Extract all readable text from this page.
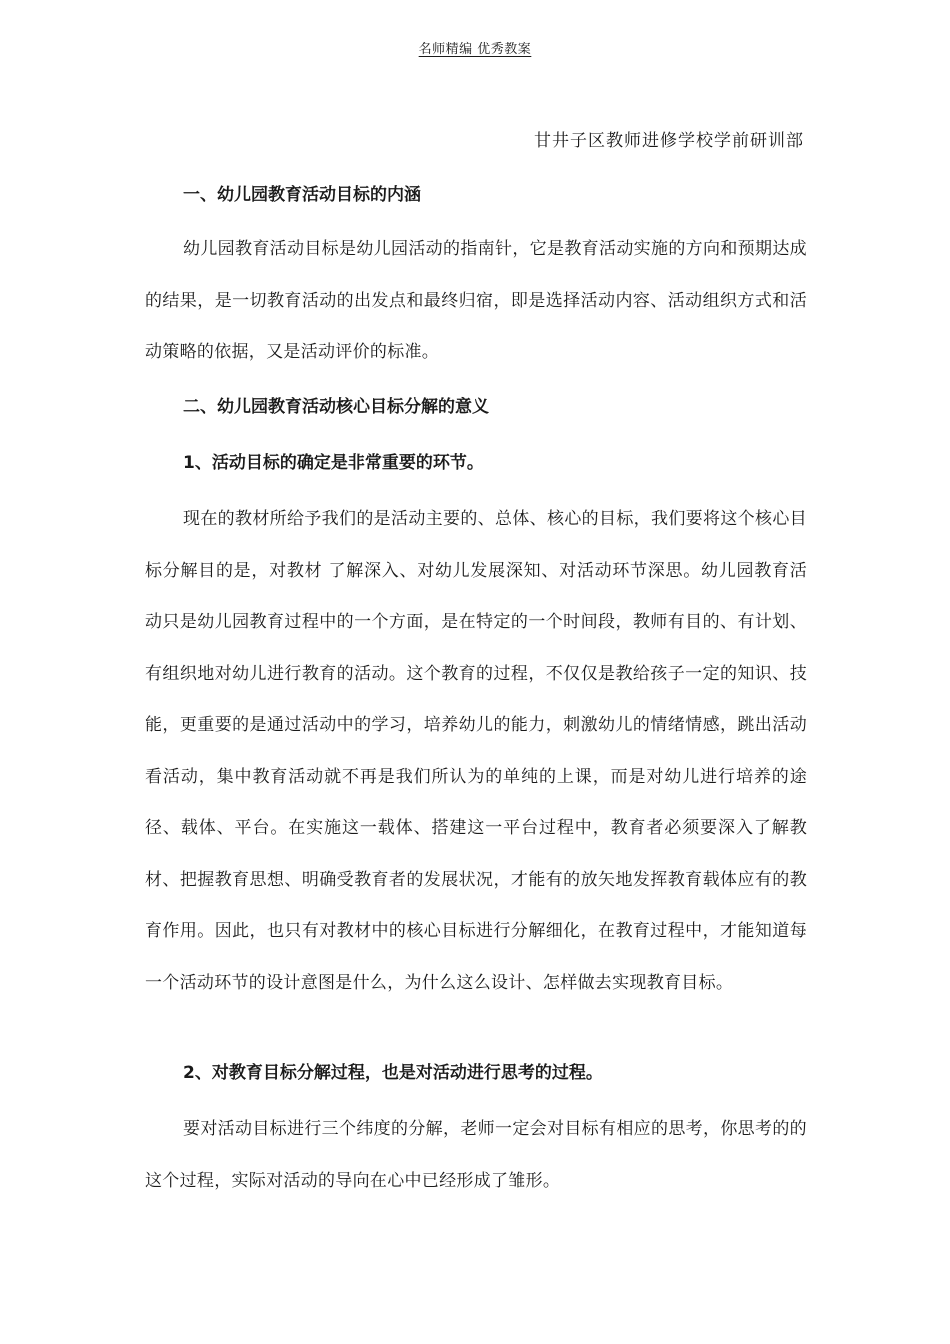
名师精编 优秀教案
甘井子区教师进修学校学前研训部
一、幼儿园教育活动目标的内涵
幼儿园教育活动目标是幼儿园活动的指南针，它是教育活动实施的方向和预期达成的结果，是一切教育活动的出发点和最终归宿，即是选择活动内容、活动组织方式和活动策略的依据，又是活动评价的标准。
二、幼儿园教育活动核心目标分解的意义
1、活动目标的确定是非常重要的环节。
现在的教材所给予我们的是活动主要的、总体、核心的目标，我们要将这个核心目标分解目的是，对教材 了解深入、对幼儿发展深知、对活动环节深思。幼儿园教育活动只是幼儿园教育过程中的一个方面，是在特定的一个时间段，教师有目的、有计划、有组织地对幼儿进行教育的活动。这个教育的过程，不仅仅是教给孩子一定的知识、技能，更重要的是通过活动中的学习，培养幼儿的能力，刺激幼儿的情绪情感，跳出活动看活动，集中教育活动就不再是我们所认为的单纯的上课，而是对幼儿进行培养的途径、载体、平台。在实施这一载体、搭建这一平台过程中，教育者必须要深入了解教材、把握教育思想、明确受教育者的发展状况，才能有的放矢地发挥教育载体应有的教育作用。因此，也只有对教材中的核心目标进行分解细化，在教育过程中，才能知道每一个活动环节的设计意图是什么，为什么这么设计、怎样做去实现教育目标。
2、对教育目标分解过程，也是对活动进行思考的过程。
要对活动目标进行三个纬度的分解，老师一定会对目标有相应的思考，你思考的的这个过程，实际对活动的导向在心中已经形成了雏形。
